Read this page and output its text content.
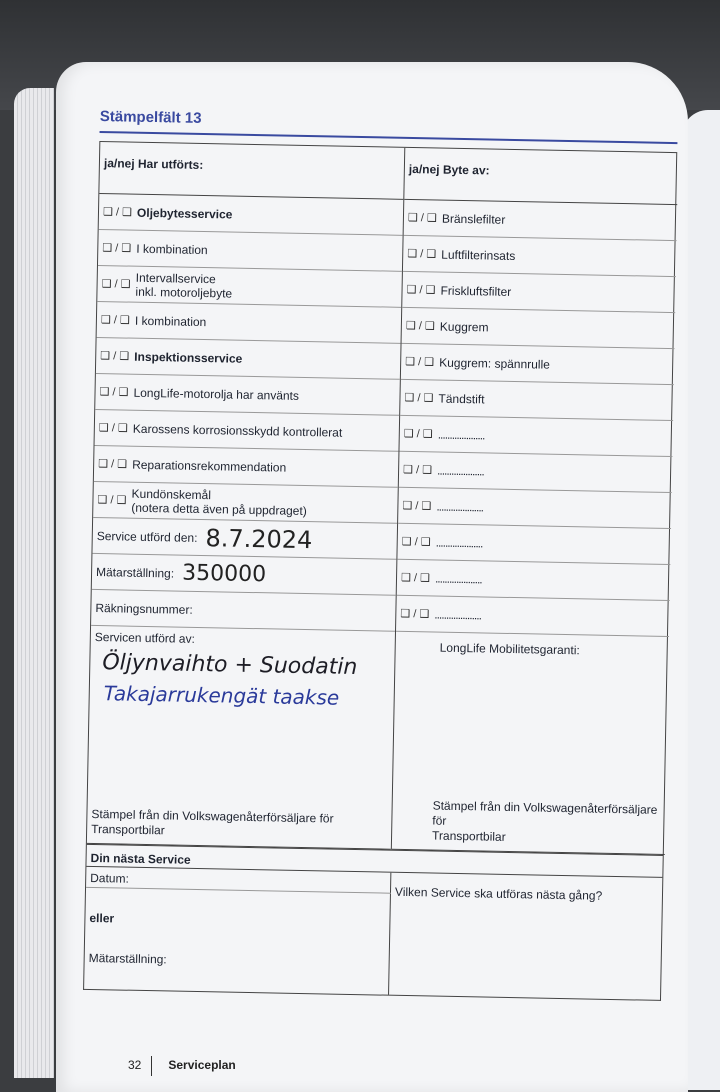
Stämpelfält 13
ja/nej Har utförts:
❑ / ❑ Oljebytesservice
❑ / ❑ I kombination
❑ / ❑ Intervallservice
inkl. motoroljebyte
❑ / ❑ I kombination
❑ / ❑ Inspektionsservice
❑ / ❑ LongLife-motorolja har använts
❑ / ❑ Karossens korrosionsskydd kontrollerat
❑ / ❑ Reparationsrekommendation
❑ / ❑ Kundönskemål
(notera detta även på uppdraget)
Service utförd den: 8.7.2024
Mätarställning: 350000
Räkningsnummer:
Servicen utförd av:
Öljynvaihto + Suodatin
Takajarrukengät taakse
Stämpel från din Volkswagenåterförsäljare för
Transportbilar
ja/nej Byte av:
❑ / ❑ Bränslefilter
❑ / ❑ Luftfilterinsats
❑ / ❑ Friskluftsfilter
❑ / ❑ Kuggrem
❑ / ❑ Kuggrem: spännrulle
❑ / ❑ Tändstift
❑ / ❑ ....................
❑ / ❑ ....................
❑ / ❑ ....................
❑ / ❑ ....................
❑ / ❑ ....................
❑ / ❑ ....................
LongLife Mobilitetsgaranti:
Stämpel från din Volkswagenåterförsäljare för
Transportbilar
Din nästa Service
Datum:
eller
Mätarställning:
Vilken Service ska utföras nästa gång?
32 Serviceplan
